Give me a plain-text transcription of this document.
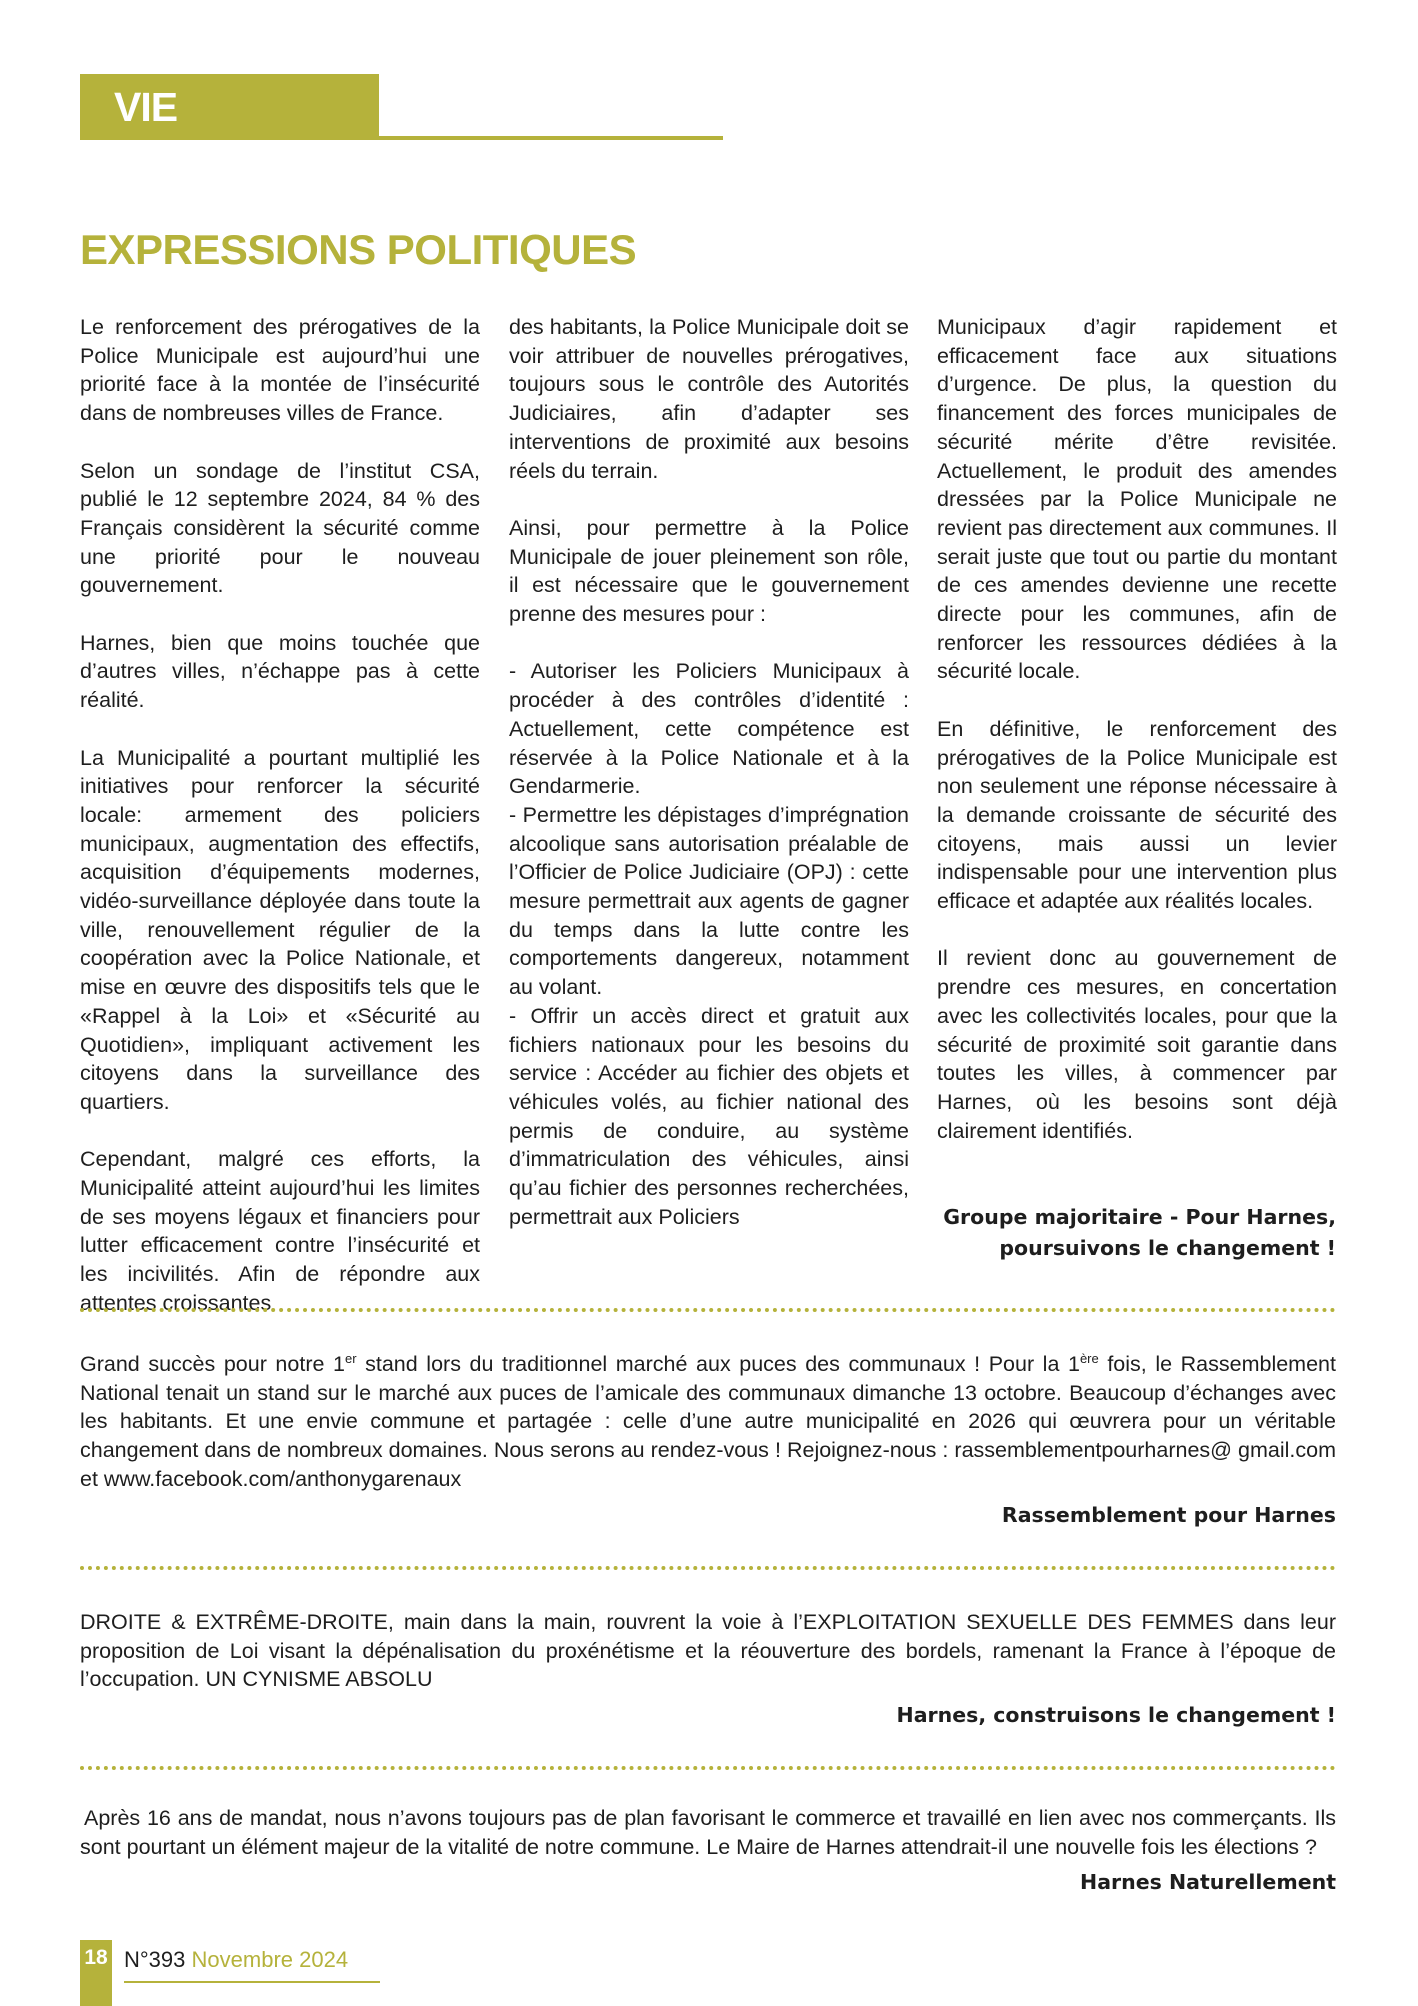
VIE MUNICIPALE
EXPRESSIONS POLITIQUES

Le renforcement des prérogatives de la Police Municipale est aujourd’hui une priorité face à la montée de l’insécurité dans de nombreuses villes de France.

Selon un sondage de l’institut CSA, publié le 12 septembre 2024, 84 % des Français considèrent la sécurité comme une priorité pour le nouveau gouvernement.

Harnes, bien que moins touchée que d’autres villes, n’échappe pas à cette réalité.

La Municipalité a pourtant multiplié les initiatives pour renforcer la sécurité locale: armement des policiers municipaux, augmentation des effectifs, acquisition d’équipements modernes, vidéo-surveillance déployée dans toute la ville, renouvellement régulier de la coopération avec la Police Nationale, et mise en œuvre des dispositifs tels que le «Rappel à la Loi» et «Sécurité au Quotidien», impliquant activement les citoyens dans la surveillance des quartiers.

Cependant, malgré ces efforts, la Municipalité atteint aujourd’hui les limites de ses moyens légaux et financiers pour lutter efficacement contre l’insécurité et les incivilités. Afin de répondre aux attentes croissantes

des habitants, la Police Municipale doit se voir attribuer de nouvelles prérogatives, toujours sous le contrôle des Autorités Judiciaires, afin d’adapter ses interventions de proximité aux besoins réels du terrain.

Ainsi, pour permettre à la Police Municipale de jouer pleinement son rôle, il est nécessaire que le gouvernement prenne des mesures pour :

- Autoriser les Policiers Municipaux à procéder à des contrôles d’identité : Actuellement, cette compétence est réservée à la Police Nationale et à la Gendarmerie.

- Permettre les dépistages d’imprégnation alcoolique sans autorisation préalable de l’Officier de Police Judiciaire (OPJ) : cette mesure permettrait aux agents de gagner du temps dans la lutte contre les comportements dangereux, notamment au volant.

- Offrir un accès direct et gratuit aux fichiers nationaux pour les besoins du service : Accéder au fichier des objets et véhicules volés, au fichier national des permis de conduire, au système d’immatriculation des véhicules, ainsi qu’au fichier des personnes recherchées, permettrait aux Policiers

Municipaux d’agir rapidement et efficacement face aux situations d’urgence. De plus, la question du financement des forces municipales de sécurité mérite d’être revisitée. Actuellement, le produit des amendes dressées par la Police Municipale ne revient pas directement aux communes. Il serait juste que tout ou partie du montant de ces amendes devienne une recette directe pour les communes, afin de renforcer les ressources dédiées à la sécurité locale.

En définitive, le renforcement des prérogatives de la Police Municipale est non seulement une réponse nécessaire à la demande croissante de sécurité des citoyens, mais aussi un levier indispensable pour une intervention plus efficace et adaptée aux réalités locales.

Il revient donc au gouvernement de prendre ces mesures, en concertation avec les collectivités locales, pour que la sécurité de proximité soit garantie dans toutes les villes, à commencer par Harnes, où les besoins sont déjà clairement identifiés.

Groupe majoritaire - Pour Harnes,
poursuivons le changement !

Grand succès pour notre 1er stand lors du traditionnel marché aux puces des communaux ! Pour la 1ère fois, le Rassemblement National tenait un stand sur le marché aux puces de l’amicale des communaux dimanche 13 octobre. Beaucoup d’échanges avec les habitants. Et une envie commune et partagée : celle d’une autre municipalité en 2026 qui œuvrera pour un véritable changement dans de nombreux domaines. Nous serons au rendez-vous ! Rejoignez-nous : rassemblementpourharnes@ gmail.com et www.facebook.com/anthonygarenaux

Rassemblement pour Harnes

DROITE & EXTRÊME-DROITE, main dans la main, rouvrent la voie à l’EXPLOITATION SEXUELLE DES FEMMES dans leur proposition de Loi visant la dépénalisation du proxénétisme et la réouverture des bordels, ramenant la France à l’époque de l’occupation. UN CYNISME ABSOLU

Harnes, construisons le changement !

Après 16 ans de mandat, nous n’avons toujours pas de plan favorisant le commerce et travaillé en lien avec nos commerçants. Ils sont pourtant un élément majeur de la vitalité de notre commune. Le Maire de Harnes attendrait-il une nouvelle fois les élections ?

Harnes Naturellement
18 N°393 Novembre 2024
